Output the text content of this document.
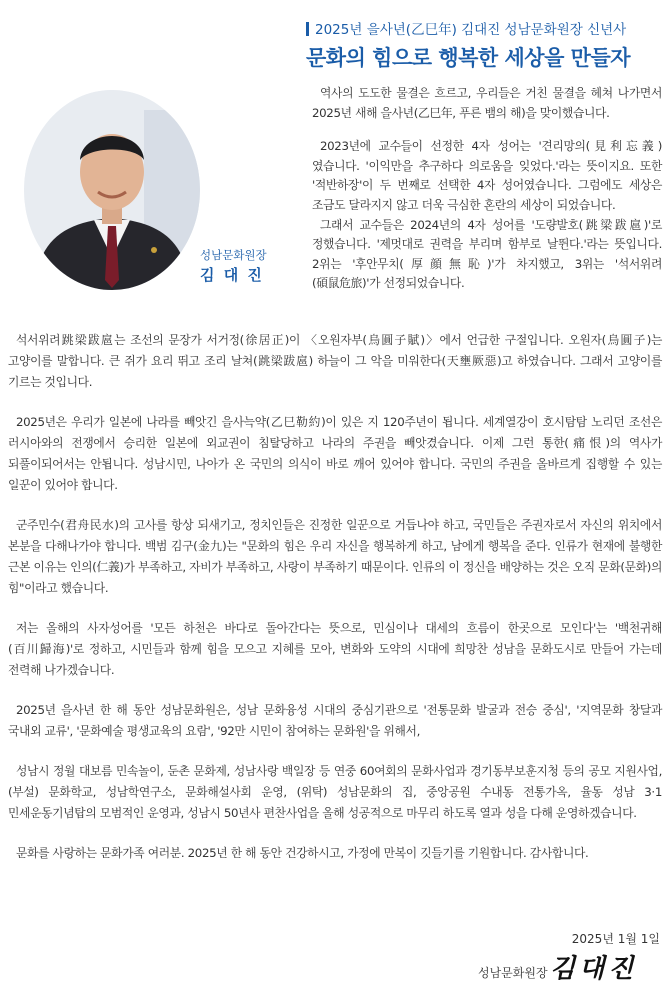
2025년 을사년(乙巳年) 김대진 성남문화원장 신년사
문화의 힘으로 행복한 세상을 만들자
성남문화원장
김 대 진

역사의 도도한 물결은 흐르고, 우리들은 거친 물결을 헤쳐 나가면서 2025년 새해 을사년(乙巳年, 푸른 뱀의 해)을 맞이했습니다.

2023년에 교수들이 선정한 4자 성어는 '견리망의(見利忘義)였습니다. '이익만을 추구하다 의로움을 잊었다.'라는 뜻이지요. 또한 '적반하장'이 두 번째로 선택한 4자 성어였습니다. 그럼에도 세상은 조금도 달라지지 않고 더욱 극심한 혼란의 세상이 되었습니다.

그래서 교수들은 2024년의 4자 성어를 '도량발호(跳梁跋扈)'로 정했습니다. '제멋대로 권력을 부리며 함부로 날뛴다.'라는 뜻입니다. 2위는 '후안무치(厚顔無恥)'가 차지했고, 3위는 '석서위려(碩鼠危旅)'가 선정되었습니다.

석서위려跳梁跋扈는 조선의 문장가 서거정(徐居正)이 〈오원자부(烏圓子賦)〉에서 언급한 구절입니다. 오원자(烏圓子)는 고양이를 말합니다. 큰 쥐가 요리 뛰고 조리 날쳐(跳梁跋扈) 하늘이 그 악을 미워한다(天壅厥惡)고 하였습니다. 그래서 고양이를 기르는 것입니다.

2025년은 우리가 일본에 나라를 빼앗긴 을사늑약(乙巳勒約)이 있은 지 120주년이 됩니다. 세계열강이 호시탐탐 노리던 조선은 러시아와의 전쟁에서 승리한 일본에 외교권이 침탈당하고 나라의 주권을 빼앗겼습니다. 이제 그런 통한(痛恨)의 역사가 되풀이되어서는 안됩니다. 성남시민, 나아가 온 국민의 의식이 바로 깨어 있어야 합니다. 국민의 주권을 올바르게 집행할 수 있는 일꾼이 있어야 합니다.

군주민수(君舟民水)의 고사를 항상 되새기고, 정치인들은 진정한 일꾼으로 거듭나야 하고, 국민들은 주권자로서 자신의 위치에서 본분을 다해나가야 합니다. 백범 김구(金九)는 "문화의 힘은 우리 자신을 행복하게 하고, 남에게 행복을 준다. 인류가 현재에 불행한 근본 이유는 인의(仁義)가 부족하고, 자비가 부족하고, 사랑이 부족하기 때문이다. 인류의 이 정신을 배양하는 것은 오직 문화(문화)의 힘"이라고 했습니다.

저는 올해의 사자성어를 '모든 하천은 바다로 돌아간다는 뜻으로, 민심이나 대세의 흐름이 한곳으로 모인다'는 '백천귀해(百川歸海)'로 정하고, 시민들과 함께 힘을 모으고 지혜를 모아, 변화와 도약의 시대에 희망찬 성남을 문화도시로 만들어 가는데 전력해 나가겠습니다.

2025년 을사년 한 해 동안 성남문화원은, 성남 문화융성 시대의 중심기관으로 '전통문화 발굴과 전승 중심', '지역문화 창달과 국내외 교류', '문화예술 평생교육의 요람', '92만 시민이 참여하는 문화원'을 위해서,

성남시 정월 대보름 민속놀이, 둔촌 문화제, 성남사랑 백일장 등 연중 60여회의 문화사업과 경기동부보훈지청 등의 공모 지원사업, (부설) 문화학교, 성남학연구소, 문화해설사회 운영, (위탁) 성남문화의 집, 중앙공원 수내동 전통가옥, 율동 성남 3·1 민세운동기념탑의 모범적인 운영과, 성남시 50년사 편찬사업을 올해 성공적으로 마무리 하도록 열과 성을 다해 운영하겠습니다.

문화를 사랑하는 문화가족 여러분. 2025년 한 해 동안 건강하시고, 가정에 만복이 깃들기를 기원합니다. 감사합니다.

2025년 1월 1일
성남문화원장 김대진
